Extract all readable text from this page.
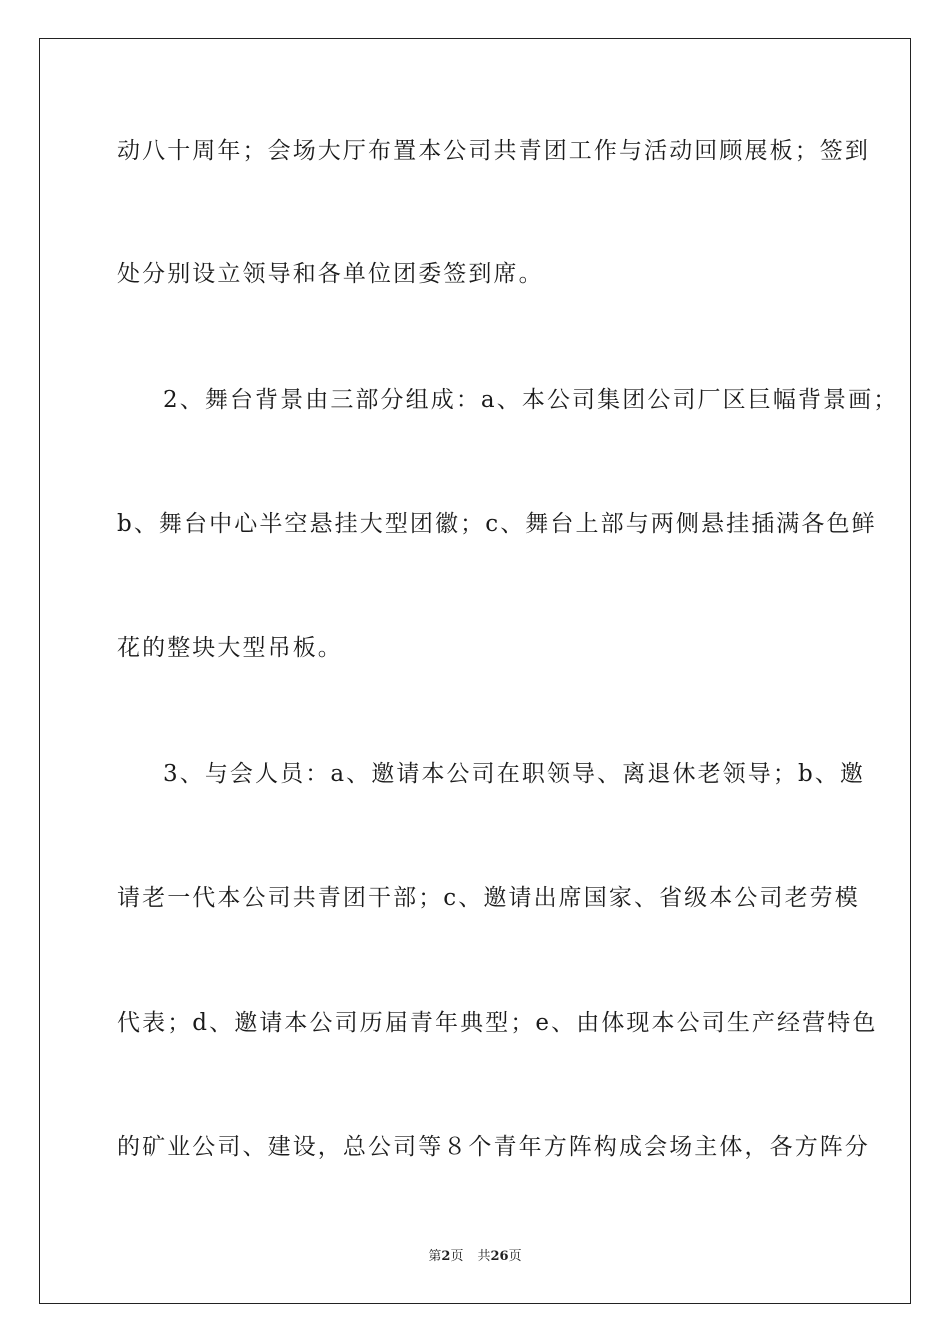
动八十周年；会场大厅布置本公司共青团工作与活动回顾展板；签到
处分别设立领导和各单位团委签到席。
2、舞台背景由三部分组成：a、本公司集团公司厂区巨幅背景画；
b、舞台中心半空悬挂大型团徽；c、舞台上部与两侧悬挂插满各色鲜
花的整块大型吊板。
3、与会人员：a、邀请本公司在职领导、离退休老领导；b、邀
请老一代本公司共青团干部；c、邀请出席国家、省级本公司老劳模
代表；d、邀请本公司历届青年典型；e、由体现本公司生产经营特色
的矿业公司、建设，总公司等８个青年方阵构成会场主体，各方阵分
第2页 共26页
